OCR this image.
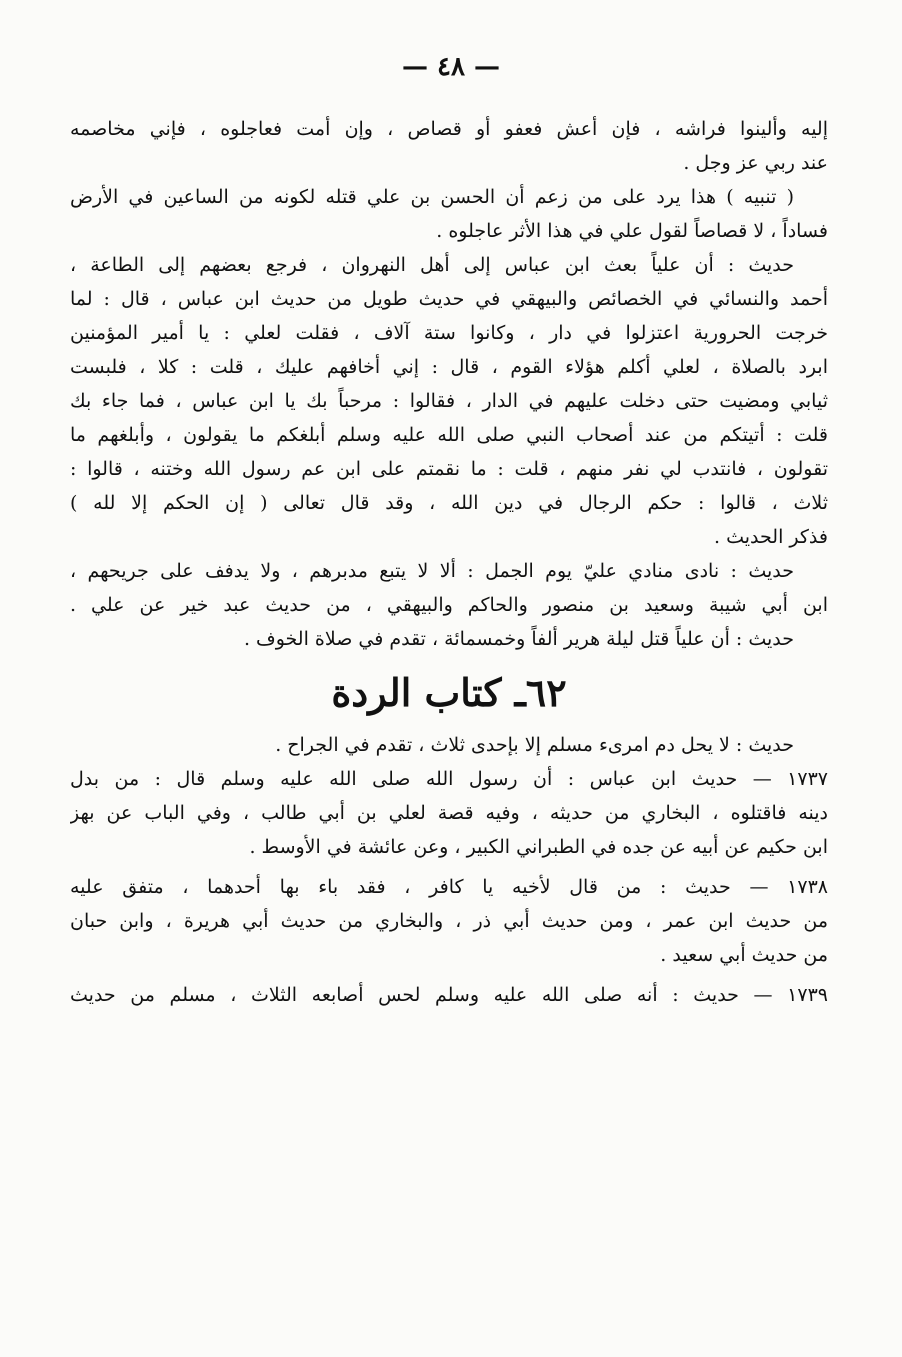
— ٤٨ —
إليه وألينوا فراشه ، فإن أعش فعفو أو قصاص ، وإن أمت فعاجلوه ، فإني مخاصمه
عند ربي عز وجل .
( تنبيه ) هذا يرد على من زعم أن الحسن بن علي قتله لكونه من الساعين في الأرض
فساداً ، لا قصاصاً لقول علي في هذا الأثر عاجلوه .
حديث : أن علياً بعث ابن عباس إلى أهل النهروان ، فرجع بعضهم إلى الطاعة ،
أحمد والنسائي في الخصائص والبيهقي في حديث طويل من حديث ابن عباس ، قال : لما
خرجت الحرورية اعتزلوا في دار ، وكانوا ستة آلاف ، فقلت لعلي : يا أمير المؤمنين
ابرد بالصلاة ، لعلي أكلم هؤلاء القوم ، قال : إني أخافهم عليك ، قلت : كلا ، فلبست
ثيابي ومضيت حتى دخلت عليهم في الدار ، فقالوا : مرحباً بك يا ابن عباس ، فما جاء بك
قلت : أتيتكم من عند أصحاب النبي صلى الله عليه وسلم أبلغكم ما يقولون ، وأبلغهم ما
تقولون ، فانتدب لي نفر منهم ، قلت : ما نقمتم على ابن عم رسول الله وختنه ، قالوا :
ثلاث ، قالوا : حكم الرجال في دين الله ، وقد قال تعالى ( إن الحكم إلا لله )
فذكر الحديث .
حديث : نادى منادي عليّ يوم الجمل : ألا لا يتبع مدبرهم ، ولا يدفف على جريحهم ،
ابن أبي شيبة وسعيد بن منصور والحاكم والبيهقي ، من حديث عبد خير عن علي .
حديث : أن علياً قتل ليلة هرير ألفاً وخمسمائة ، تقدم في صلاة الخوف .
٦٢ـ كتاب الردة
حديث : لا يحل دم امرىء مسلم إلا بإحدى ثلاث ، تقدم في الجراح .
١٧٣٧ — حديث ابن عباس : أن رسول الله صلى الله عليه وسلم قال : من بدل
دينه فاقتلوه ، البخاري من حديثه ، وفيه قصة لعلي بن أبي طالب ، وفي الباب عن بهز
ابن حكيم عن أبيه عن جده في الطبراني الكبير ، وعن عائشة في الأوسط .
١٧٣٨ — حديث : من قال لأخيه يا كافر ، فقد باء بها أحدهما ، متفق عليه
من حديث ابن عمر ، ومن حديث أبي ذر ، والبخاري من حديث أبي هريرة ، وابن حبان
من حديث أبي سعيد .
١٧٣٩ — حديث : أنه صلى الله عليه وسلم لحس أصابعه الثلاث ، مسلم من حديث
